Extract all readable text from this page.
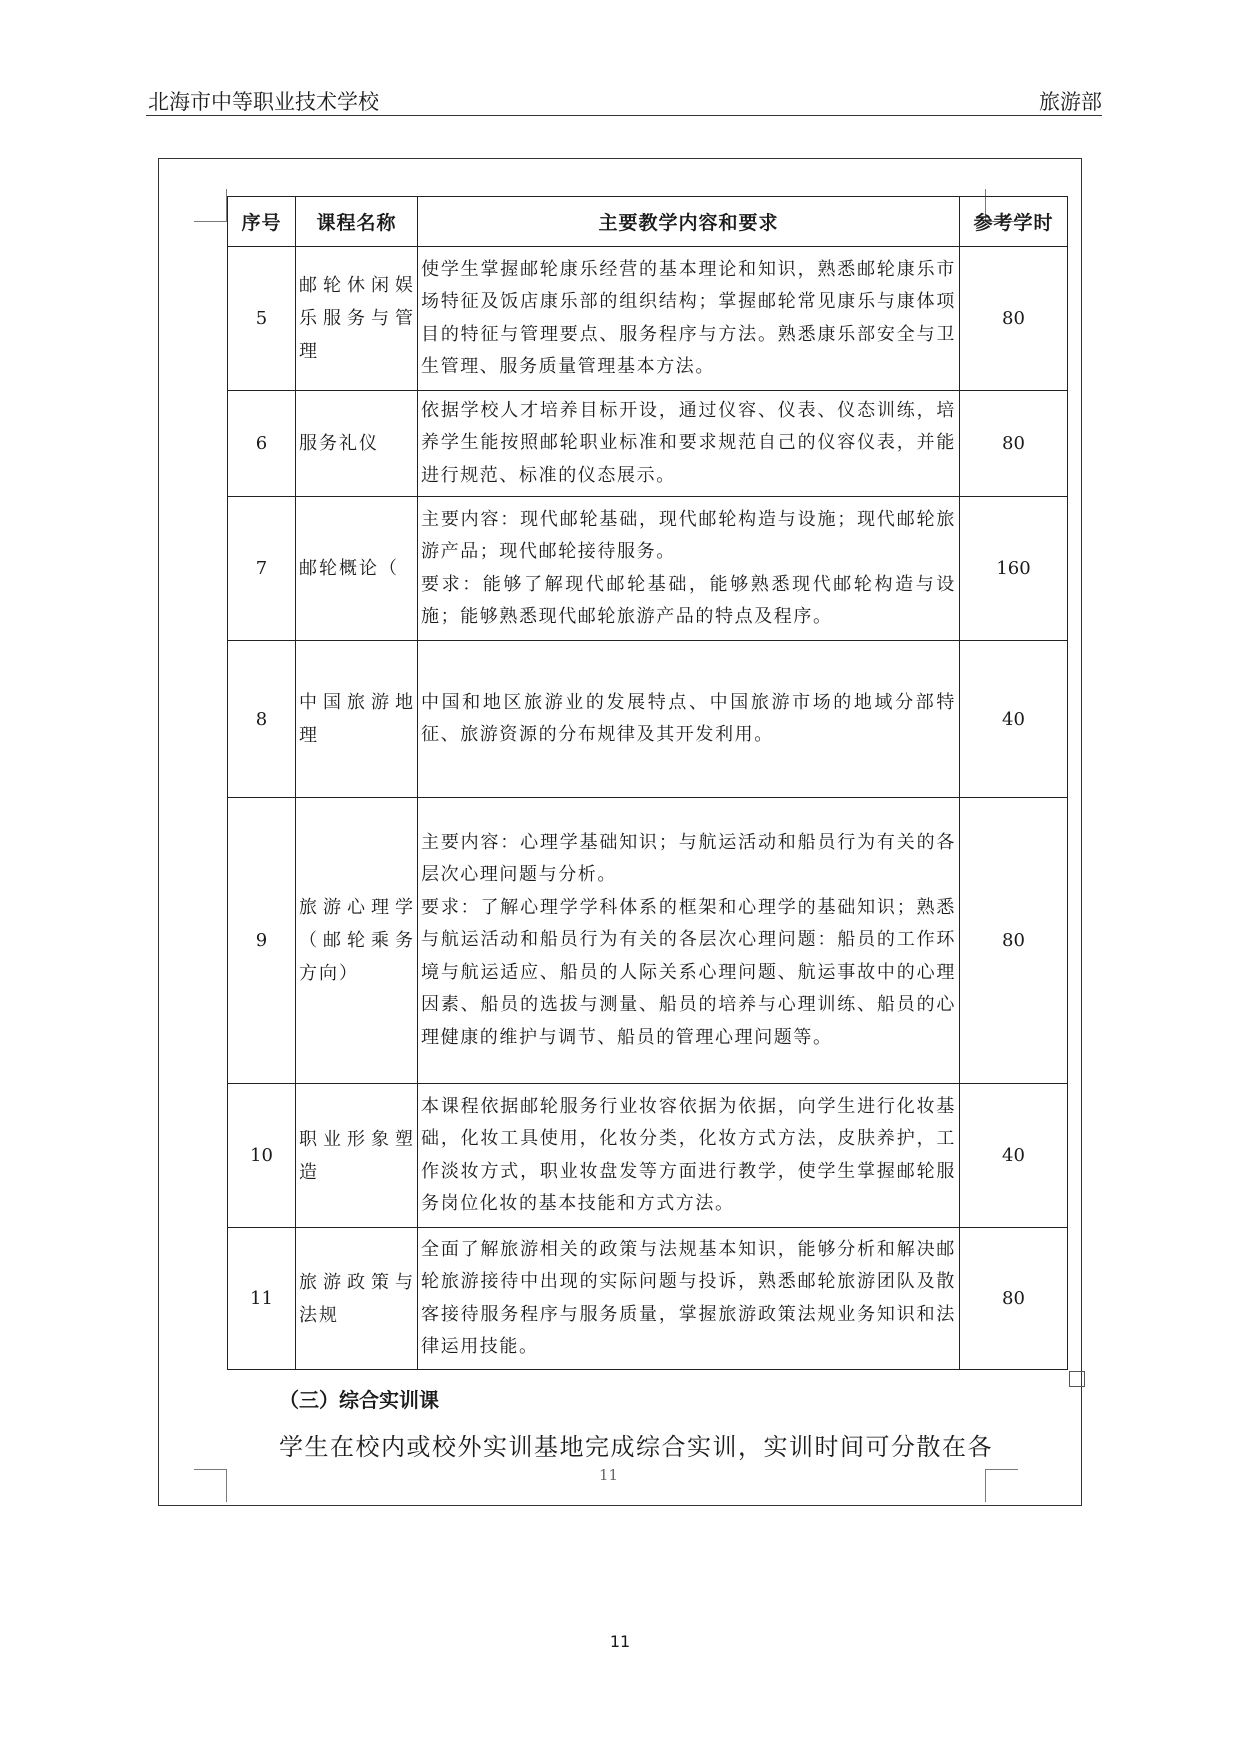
北海市中等职业技术学校	旅游部
序号	课程名称	主要教学内容和要求	参考学时
5	邮轮休闲娱乐服务与管理	使学生掌握邮轮康乐经营的基本理论和知识，熟悉邮轮康乐市场特征及饭店康乐部的组织结构；掌握邮轮常见康乐与康体项目的特征与管理要点、服务程序与方法。熟悉康乐部安全与卫生管理、服务质量管理基本方法。	80
6	服务礼仪	依据学校人才培养目标开设，通过仪容、仪表、仪态训练，培养学生能按照邮轮职业标准和要求规范自己的仪容仪表，并能进行规范、标准的仪态展示。	80
7	邮轮概论（	主要内容：现代邮轮基础，现代邮轮构造与设施；现代邮轮旅游产品；现代邮轮接待服务。

要求：能够了解现代邮轮基础，能够熟悉现代邮轮构造与设施；能够熟悉现代邮轮旅游产品的特点及程序。	160
8	中国旅游地理	中国和地区旅游业的发展特点、中国旅游市场的地域分部特征、旅游资源的分布规律及其开发利用。	40
9	旅游心理学（邮轮乘务方向）	主要内容：心理学基础知识；与航运活动和船员行为有关的各层次心理问题与分析。

要求：了解心理学学科体系的框架和心理学的基础知识；熟悉与航运活动和船员行为有关的各层次心理问题：船员的工作环境与航运适应、船员的人际关系心理问题、航运事故中的心理因素、船员的选拔与测量、船员的培养与心理训练、船员的心理健康的维护与调节、船员的管理心理问题等。	80
10	职业形象塑造	本课程依据邮轮服务行业妆容依据为依据，向学生进行化妆基础，化妆工具使用，化妆分类，化妆方式方法，皮肤养护，工作淡妆方式，职业妆盘发等方面进行教学，使学生掌握邮轮服务岗位化妆的基本技能和方式方法。	40
11	旅游政策与法规	全面了解旅游相关的政策与法规基本知识，能够分析和解决邮轮旅游接待中出现的实际问题与投诉，熟悉邮轮旅游团队及散客接待服务程序与服务质量，掌握旅游政策法规业务知识和法律运用技能。	80
（三）综合实训课
学生在校内或校外实训基地完成综合实训，实训时间可分散在各
11
11
